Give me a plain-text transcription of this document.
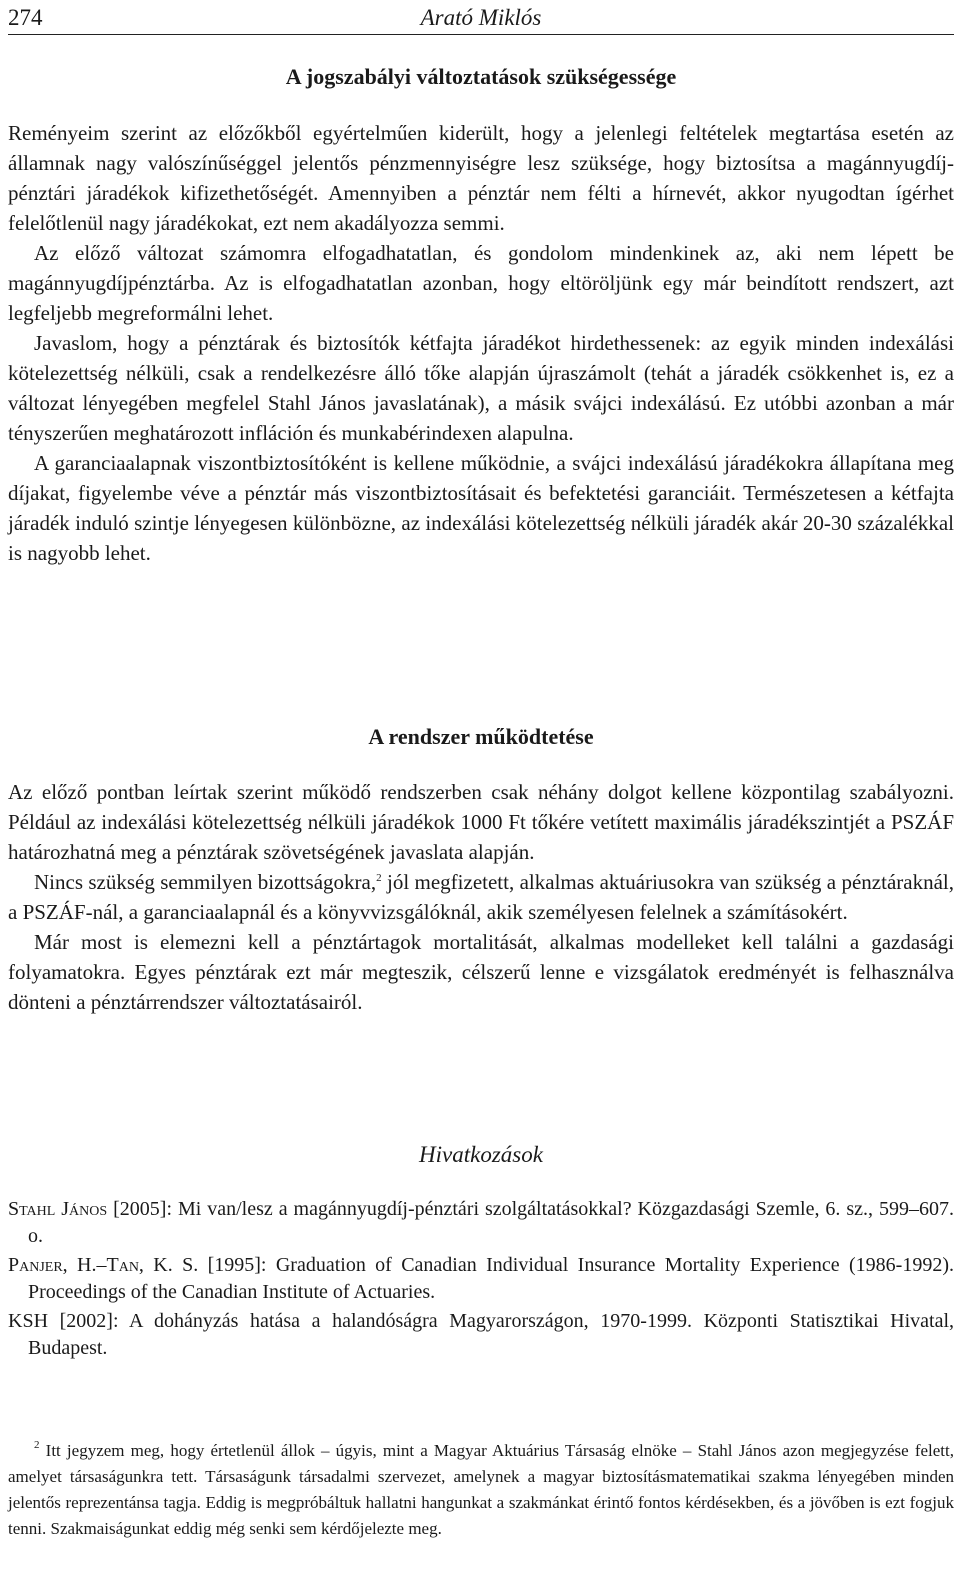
274	Arató Miklós
A jogszabályi változtatások szükségessége

Reményeim szerint az előzőkből egyértelműen kiderült, hogy a jelenlegi feltételek megtartása esetén az államnak nagy valószínűséggel jelentős pénzmennyiségre lesz szüksége, hogy biztosítsa a magánnyugdíj-pénztári járadékok kifizethetőségét. Amennyiben a pénztár nem félti a hírnevét, akkor nyugodtan ígérhet felelőtlenül nagy járadékokat, ezt nem akadályozza semmi.

Az előző változat számomra elfogadhatatlan, és gondolom mindenkinek az, aki nem lépett be magánnyugdíjpénztárba. Az is elfogadhatatlan azonban, hogy eltöröljünk egy már beindított rendszert, azt legfeljebb megreformálni lehet.

Javaslom, hogy a pénztárak és biztosítók kétfajta járadékot hirdethessenek: az egyik minden indexálási kötelezettség nélküli, csak a rendelkezésre álló tőke alapján újraszámolt (tehát a járadék csökkenhet is, ez a változat lényegében megfelel Stahl János javaslatának), a másik svájci indexálású. Ez utóbbi azonban a már tényszerűen meghatározott infláción és munkabérindexen alapulna.

A garanciaalapnak viszontbiztosítóként is kellene működnie, a svájci indexálású járadékokra állapítana meg díjakat, figyelembe véve a pénztár más viszontbiztosításait és befektetési garanciáit. Természetesen a kétfajta járadék induló szintje lényegesen különbözne, az indexálási kötelezettség nélküli járadék akár 20-30 százalékkal is nagyobb lehet.

A rendszer működtetése

Az előző pontban leírtak szerint működő rendszerben csak néhány dolgot kellene központilag szabályozni. Például az indexálási kötelezettség nélküli járadékok 1000 Ft tőkére vetített maximális járadékszintjét a PSZÁF határozhatná meg a pénztárak szövetségének javaslata alapján.

Nincs szükség semmilyen bizottságokra,$^2$ jól megfizetett, alkalmas aktuáriusokra van szükség a pénztáraknál, a PSZÁF-nál, a garanciaalapnál és a könyvvizsgálóknál, akik személyesen felelnek a számításokért.

Már most is elemezni kell a pénztártagok mortalitását, alkalmas modelleket kell találni a gazdasági folyamatokra. Egyes pénztárak ezt már megteszik, célszerű lenne e vizsgálatok eredményét is felhasználva dönteni a pénztárrendszer változtatásairól.

Hivatkozások

Stahl János [2005]: Mi van/lesz a magánnyugdíj-pénztári szolgáltatásokkal? Közgazdasági Szemle, 6. sz., 599–607. o.

Panjer, H.–Tan, K. S. [1995]: Graduation of Canadian Individual Insurance Mortality Experience (1986-1992). Proceedings of the Canadian Institute of Actuaries.

KSH [2002]: A dohányzás hatása a halandóságra Magyarországon, 1970-1999. Központi Statisztikai Hivatal, Budapest.

$^2$ Itt jegyzem meg, hogy értetlenül állok – úgyis, mint a Magyar Aktuárius Társaság elnöke – Stahl János azon megjegyzése felett, amelyet társaságunkra tett. Társaságunk társadalmi szervezet, amelynek a magyar biztosításmatematikai szakma lényegében minden jelentős reprezentánsa tagja. Eddig is megpróbáltuk hallatni hangunkat a szakmánkat érintő fontos kérdésekben, és a jövőben is ezt fogjuk tenni. Szakmaiságunkat eddig még senki sem kérdőjelezte meg.
